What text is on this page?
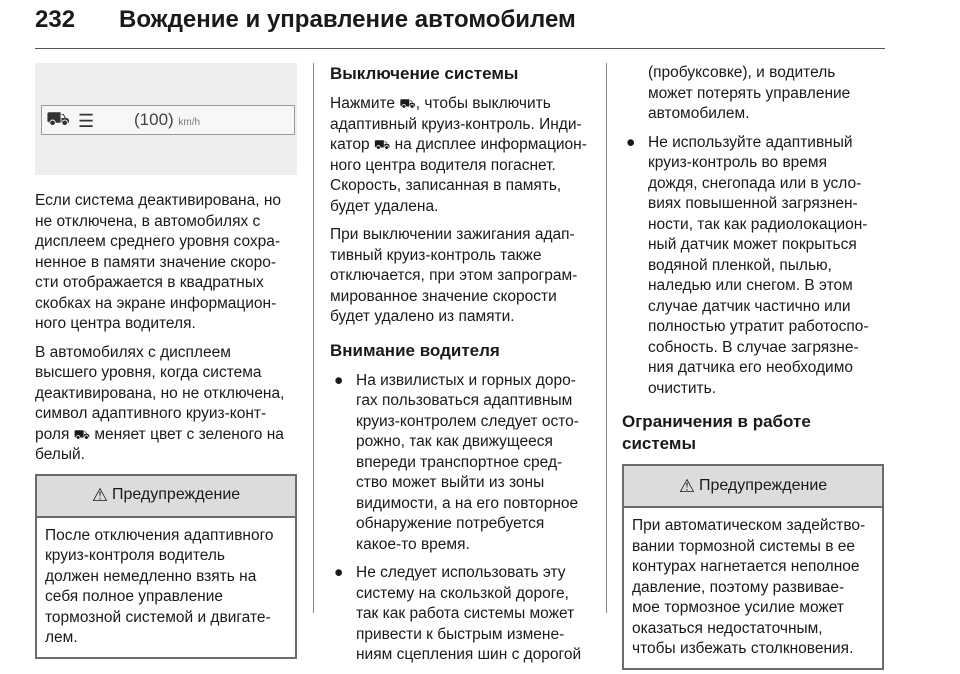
232 Вождение и управление автомобилем
⛟ ☰ (100) km/h

Если система деактивирована, но
не отключена, в автомобилях с
дисплеем среднего уровня сохра-
ненное в памяти значение скоро-
сти отображается в квадратных
скобках на экране информацион-
ного центра водителя.

В автомобилях с дисплеем
высшего уровня, когда система
деактивирована, но не отключена,
символ адаптивного круиз-конт-
роля ⛟ меняет цвет с зеленого на
белый.

⚠ Предупреждение
После отключения адаптивного
круиз-контроля водитель
должен немедленно взять на
себя полное управление
тормозной системой и двигате-
лем.
Выключение системы

Нажмите ⛟, чтобы выключить
адаптивный круиз-контроль. Инди-
катор ⛟ на дисплее информацион-
ного центра водителя погаснет.
Скорость, записанная в память,
будет удалена.

При выключении зажигания адап-
тивный круиз-контроль также
отключается, при этом запрограм-
мированное значение скорости
будет удалено из памяти.

Внимание водителя
● На извилистых и горных доро-
гах пользоваться адаптивным
круиз-контролем следует осто-
рожно, так как движущееся
впереди транспортное сред-
ство может выйти из зоны
видимости, а на его повторное
обнаружение потребуется
какое-то время.
● Не следует использовать эту
систему на скользкой дороге,
так как работа системы может
привести к быстрым измене-
ниям сцепления шин с дорогой
(пробуксовке), и водитель
может потерять управление
автомобилем.
● Не используйте адаптивный
круиз-контроль во время
дождя, снегопада или в усло-
виях повышенной загрязнен-
ности, так как радиолокацион-
ный датчик может покрыться
водяной пленкой, пылью,
наледью или снегом. В этом
случае датчик частично или
полностью утратит работоспо-
собность. В случае загрязне-
ния датчика его необходимо
очистить.
Ограничения в работе системы
⚠ Предупреждение
При автоматическом задейство-
вании тормозной системы в ее
контурах нагнетается неполное
давление, поэтому развивае-
мое тормозное усилие может
оказаться недостаточным,
чтобы избежать столкновения.
